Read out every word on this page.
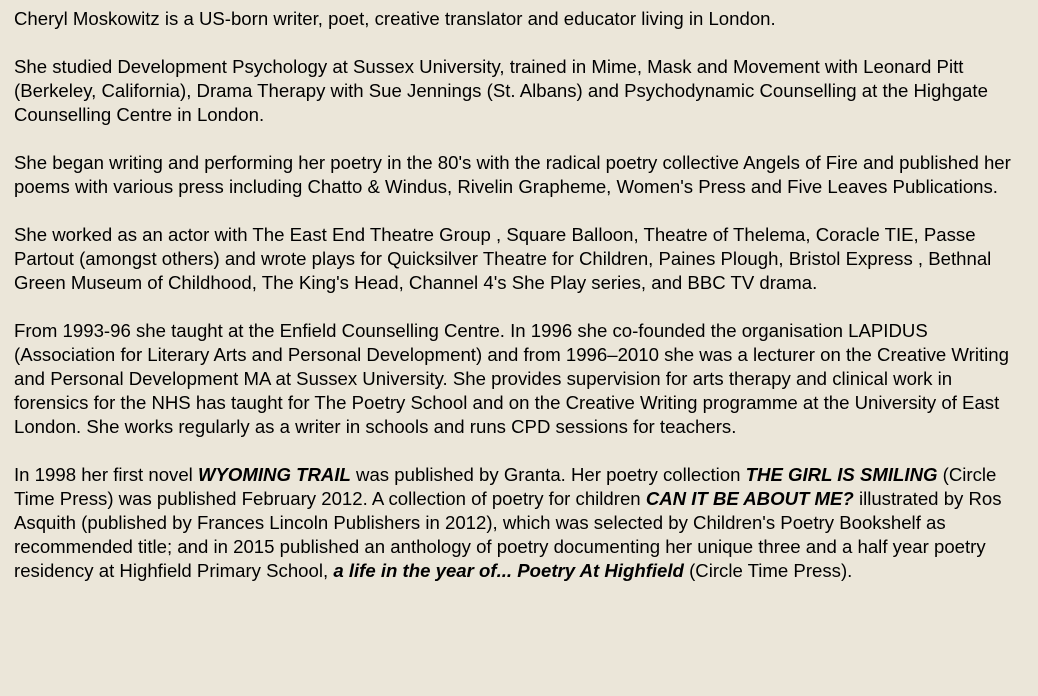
Cheryl Moskowitz is a US-born writer, poet, creative translator and educator living in London.

She studied Development Psychology at Sussex University, trained in Mime, Mask and Movement with Leonard Pitt (Berkeley, California), Drama Therapy with Sue Jennings (St. Albans) and Psychodynamic Counselling at the Highgate Counselling Centre in London.

She began writing and performing her poetry in the 80's with the radical poetry collective Angels of Fire and published her poems with various press including Chatto & Windus, Rivelin Grapheme, Women's Press and Five Leaves Publications.

She worked as an actor with The East End Theatre Group , Square Balloon, Theatre of Thelema, Coracle TIE, Passe Partout (amongst others) and wrote plays for Quicksilver Theatre for Children, Paines Plough, Bristol Express , Bethnal Green Museum of Childhood, The King's Head, Channel 4's She Play series, and BBC TV drama.

From 1993-96 she taught at the Enfield Counselling Centre. In 1996 she co-founded the organisation LAPIDUS (Association for Literary Arts and Personal Development) and from 1996–2010 she was a lecturer on the Creative Writing and Personal Development MA at Sussex University. She provides supervision for arts therapy and clinical work in forensics for the NHS has taught for The Poetry School and on the Creative Writing programme at the University of East London. She works regularly as a writer in schools and runs CPD sessions for teachers.

In 1998 her first novel WYOMING TRAIL was published by Granta. Her poetry collection THE GIRL IS SMILING (Circle Time Press) was published February 2012. A collection of poetry for children CAN IT BE ABOUT ME? illustrated by Ros Asquith (published by Frances Lincoln Publishers in 2012), which was selected by Children's Poetry Bookshelf as recommended title; and in 2015 published an anthology of poetry documenting her unique three and a half year poetry residency at Highfield Primary School, a life in the year of... Poetry At Highfield (Circle Time Press).
